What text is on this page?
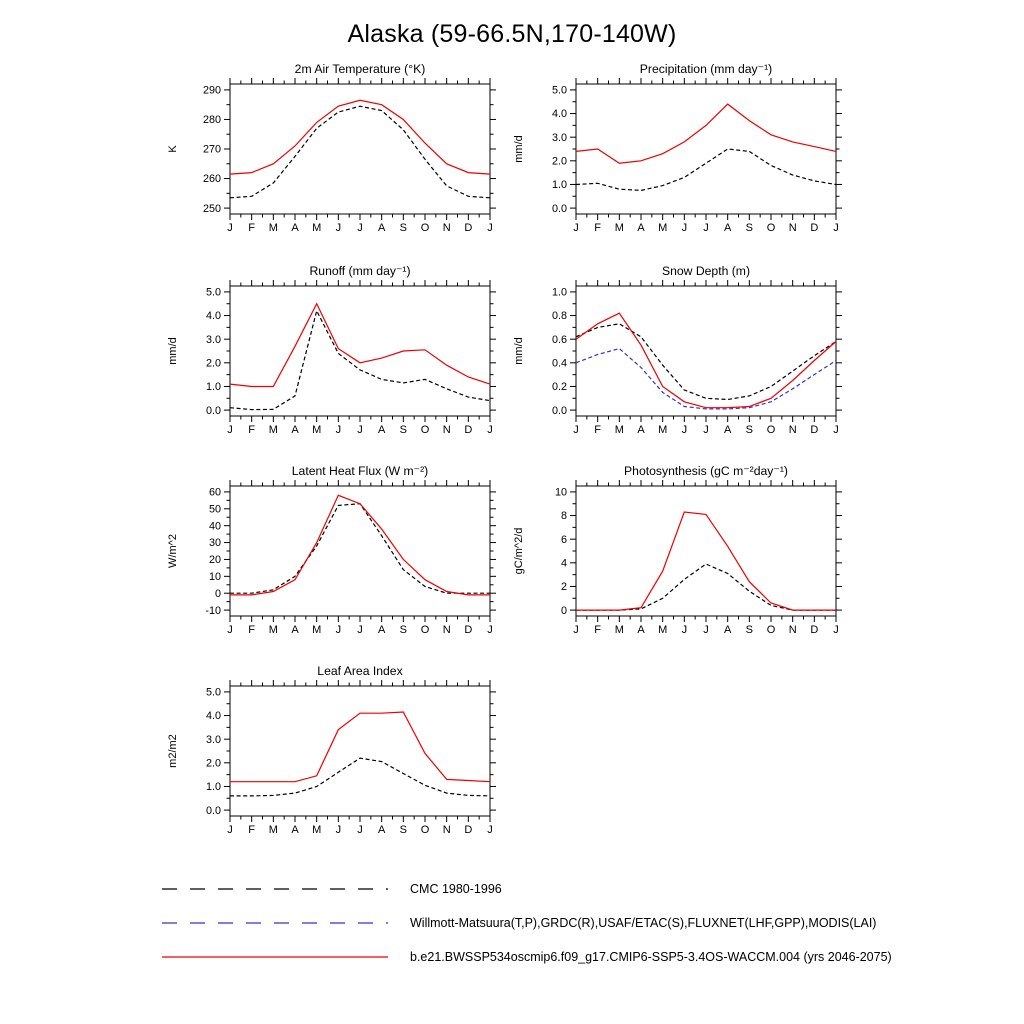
Alaska (59-66.5N,170-140W)
2m Air Temperature (°K)
K
250
260
270
280
290
J F M A M J J A S O N D J
Precipitation (mm day⁻¹)
mm/d
0.0
1.0
2.0
3.0
4.0
5.0
J F M A M J J A S O N D J
Runoff (mm day⁻¹)
mm/d
0.0
1.0
2.0
3.0
4.0
5.0
J F M A M J J A S O N D J
Snow Depth (m)
mm/d
0.0
0.2
0.4
0.6
0.8
1.0
J F M A M J J A S O N D J
Latent Heat Flux (W m⁻²)
W/m^2
-10
0
10
20
30
40
50
60
J F M A M J J A S O N D J
Photosynthesis (gC m⁻²day⁻¹)
gC/m^2/d
0
2
4
6
8
10
J F M A M J J A S O N D J
Leaf Area Index
m2/m2
0.0
1.0
2.0
3.0
4.0
5.0
J F M A M J J A S O N D J
CMC 1980-1996
Willmott-Matsuura(T,P),GRDC(R),USAF/ETAC(S),FLUXNET(LHF,GPP),MODIS(LAI)
b.e21.BWSSP534oscmip6.f09_g17.CMIP6-SSP5-3.4OS-WACCM.004 (yrs 2046-2075)
